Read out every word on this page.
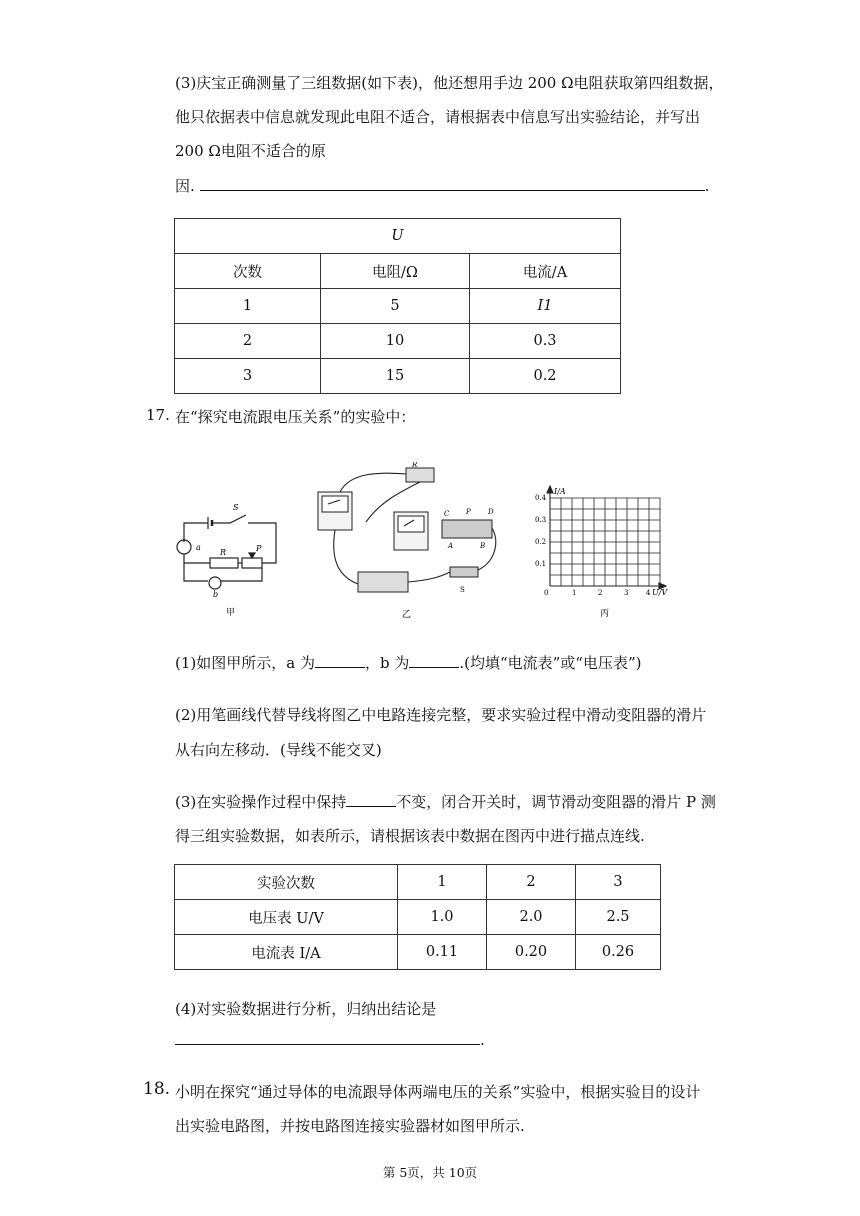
(3)庆宝正确测量了三组数据(如下表)，他还想用手边 200 Ω电阻获取第四组数据，
他只依据表中信息就发现此电阻不适合，请根据表中信息写出实验结论，并写出
200 Ω电阻不适合的原
因.	.
U		
次数	电阻/Ω	电流/A
1	5	I1
2	10	0.3
3	15	0.2
17. 在“探究电流跟电压关系”的实验中：
a
S
R	P
b
甲
R
C P D
A	B
S
乙
I/A
U/V
0.4
0.3
0.2
0.1
0	1	2	3	4
丙
(1)如图甲所示，a 为	，b 为	.(均填“电流表”或“电压表”)
(2)用笔画线代替导线将图乙中电路连接完整，要求实验过程中滑动变阻器的滑片
从右向左移动．(导线不能交叉)
(3)在实验操作过程中保持	不变，闭合开关时，调节滑动变阻器的滑片 P 测
得三组实验数据，如表所示，请根据该表中数据在图丙中进行描点连线.
实验次数	1	2	3
电压表 U/V	1.0	2.0	2.5
电流表 I/A	0.11	0.20	0.26
(4)对实验数据进行分析，归纳出结论是
.
18. 小明在探究“通过导体的电流跟导体两端电压的关系”实验中，根据实验目的设计
出实验电路图，并按电路图连接实验器材如图甲所示.
第 5页，共 10页
